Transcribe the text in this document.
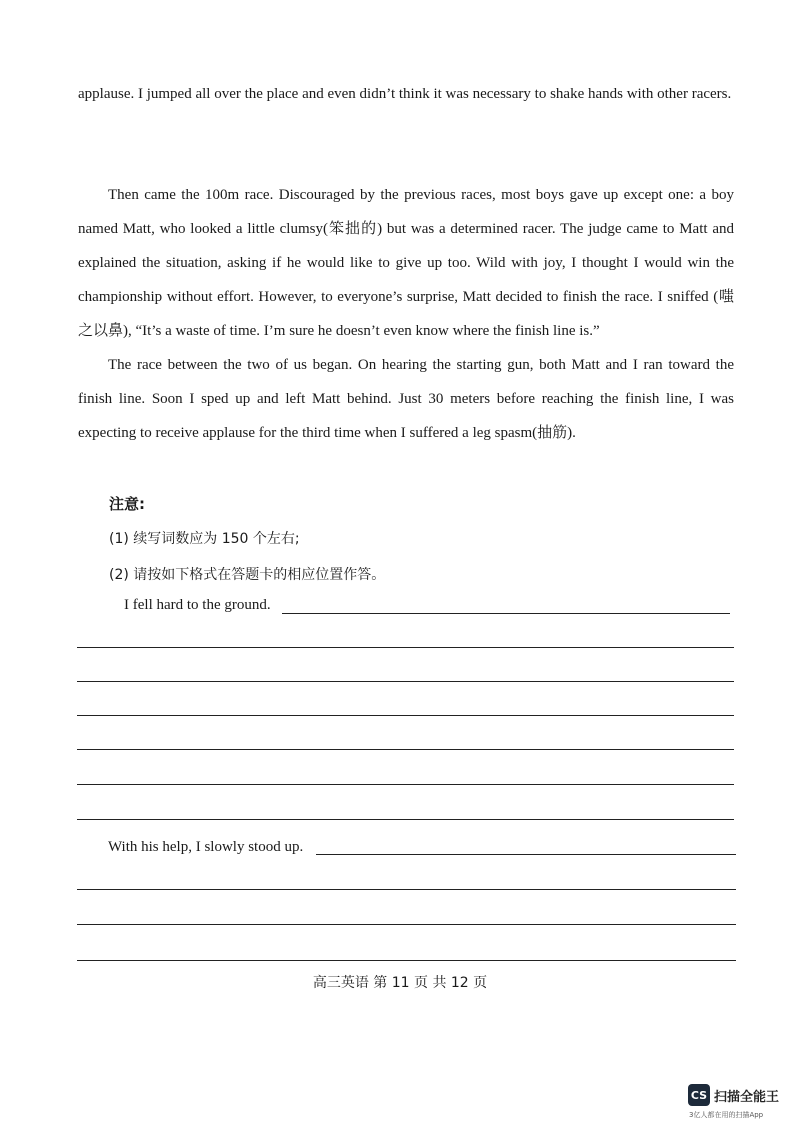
applause. I jumped all over the place and even didn’t think it was necessary to shake hands with other racers.

Then came the 100m race. Discouraged by the previous races, most boys gave up except one: a boy named Matt, who looked a little clumsy(笨拙的) but was a determined racer. The judge came to Matt and explained the situation, asking if he would like to give up too. Wild with joy, I thought I would win the championship without effort. However, to everyone’s surprise, Matt decided to finish the race. I sniffed (嗤之以鼻), “It’s a waste of time. I’m sure he doesn’t even know where the finish line is.”

The race between the two of us began. On hearing the starting gun, both Matt and I ran toward the finish line. Soon I sped up and left Matt behind. Just 30 meters before reaching the finish line, I was expecting to receive applause for the third time when I suffered a leg spasm(抽筋).

注意:
(1) 续写词数应为 150 个左右;
(2) 请按如下格式在答题卡的相应位置作答。
I fell hard to the ground.
With his help, I slowly stood up.
高三英语 第 11 页 共 12 页
CS 扫描全能王
3亿人都在用的扫描App
